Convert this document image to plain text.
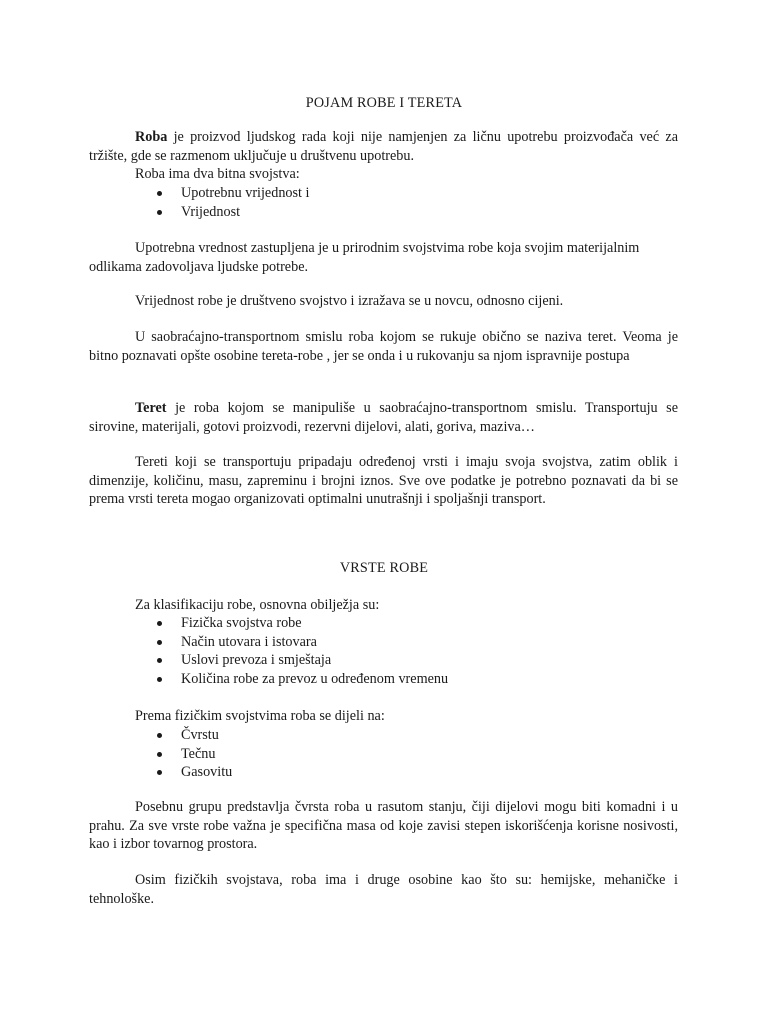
POJAM ROBE I TERETA

Roba je proizvod ljudskog rada koji nije namjenjen za ličnu upotrebu proizvođača već za tržište, gde se razmenom uključuje u društvenu upotrebu.

Roba ima dva bitna svojstva:

Upotrebnu vrijednost i
Vrijednost

Upotrebna vrednost zastupljena je u prirodnim svojstvima robe koja svojim materijalnim odlikama zadovoljava ljudske potrebe.

Vrijednost robe je društveno svojstvo i izražava se u novcu, odnosno cijeni.

U saobraćajno-transportnom smislu roba kojom se rukuje obično se naziva teret. Veoma je bitno poznavati opšte osobine tereta-robe , jer se onda i u rukovanju sa njom ispravnije postupa

Teret je roba kojom se manipuliše u saobraćajno-transportnom smislu. Transportuju se sirovine, materijali, gotovi proizvodi, rezervni dijelovi, alati, goriva, maziva…

Tereti koji se transportuju pripadaju određenoj vrsti i imaju svoja svojstva, zatim oblik i dimenzije, količinu, masu, zapreminu i brojni iznos. Sve ove podatke je potrebno poznavati da bi se prema vrsti tereta mogao organizovati optimalni unutrašnji i spoljašnji transport.

VRSTE ROBE

Za klasifikaciju robe, osnovna obilježja su:

Fizička svojstva robe
Način utovara i istovara
Uslovi prevoza i smještaja
Količina robe za prevoz u određenom vremenu

Prema fizičkim svojstvima roba se dijeli na:

Čvrstu
Tečnu
Gasovitu

Posebnu grupu predstavlja čvrsta roba u rasutom stanju, čiji dijelovi mogu biti komadni i u prahu. Za sve vrste robe važna je specifična masa od koje zavisi stepen iskorišćenja korisne nosivosti, kao i izbor tovarnog prostora.

Osim fizičkih svojstava, roba ima i druge osobine kao što su: hemijske, mehaničke i tehnološke.
